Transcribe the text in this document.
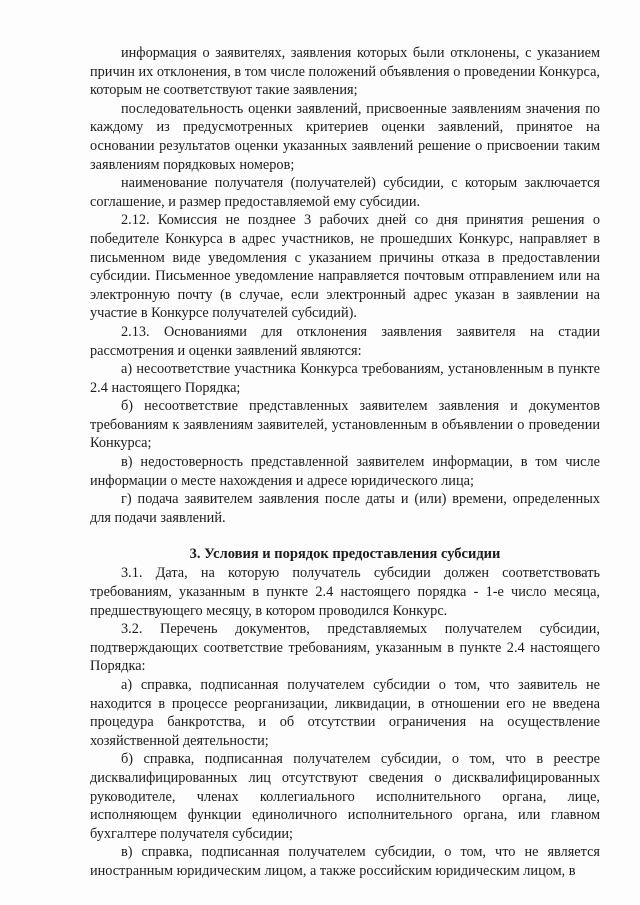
информация о заявителях, заявления которых были отклонены, с указанием причин их отклонения, в том числе положений объявления о проведении Конкурса, которым не соответствуют такие заявления;

последовательность оценки заявлений, присвоенные заявлениям значения по каждому из предусмотренных критериев оценки заявлений, принятое на основании результатов оценки указанных заявлений решение о присвоении таким заявлениям порядковых номеров;

наименование получателя (получателей) субсидии, с которым заключается соглашение, и размер предоставляемой ему субсидии.

2.12. Комиссия не позднее 3 рабочих дней со дня принятия решения о победителе Конкурса в адрес участников, не прошедших Конкурс, направляет в письменном виде уведомления с указанием причины отказа в предоставлении субсидии. Письменное уведомление направляется почтовым отправлением или на электронную почту (в случае, если электронный адрес указан в заявлении на участие в Конкурсе получателей субсидий).

2.13. Основаниями для отклонения заявления заявителя на стадии рассмотрения и оценки заявлений являются:

а) несоответствие участника Конкурса требованиям, установленным в пункте 2.4 настоящего Порядка;

б) несоответствие представленных заявителем заявления и документов требованиям к заявлениям заявителей, установленным в объявлении о проведении Конкурса;

в) недостоверность представленной заявителем информации, в том числе информации о месте нахождения и адресе юридического лица;

г) подача заявителем заявления после даты и (или) времени, определенных для подачи заявлений.

3. Условия и порядок предоставления субсидии

3.1. Дата, на которую получатель субсидии должен соответствовать требованиям, указанным в пункте 2.4 настоящего порядка - 1-е число месяца, предшествующего месяцу, в котором проводился Конкурс.

3.2. Перечень документов, представляемых получателем субсидии, подтверждающих соответствие требованиям, указанным в пункте 2.4 настоящего Порядка:

а) справка, подписанная получателем субсидии о том, что заявитель не находится в процессе реорганизации, ликвидации, в отношении его не введена процедура банкротства, и об отсутствии ограничения на осуществление хозяйственной деятельности;

б) справка, подписанная получателем субсидии, о том, что в реестре дисквалифицированных лиц отсутствуют сведения о дисквалифицированных руководителе, членах коллегиального исполнительного органа, лице, исполняющем функции единоличного исполнительного органа, или главном бухгалтере получателя субсидии;

в) справка, подписанная получателем субсидии, о том, что не является иностранным юридическим лицом, а также российским юридическим лицом, в
